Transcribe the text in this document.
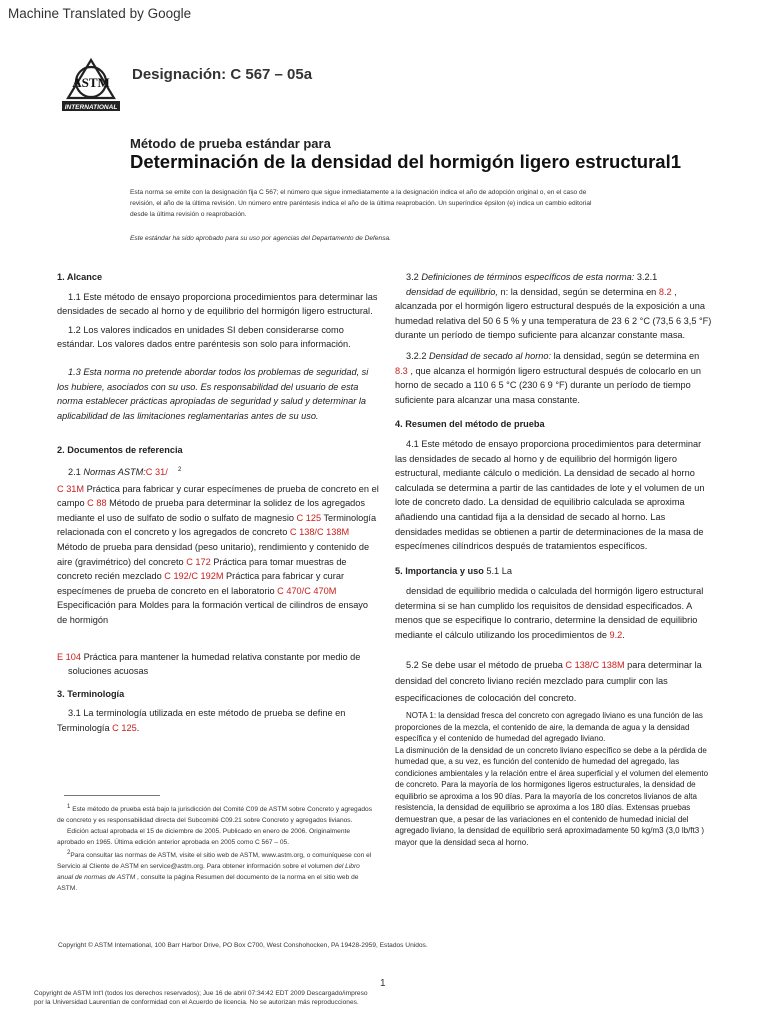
Machine Translated by Google
ASTM
INTERNATIONAL
Designación: C 567 – 05a
Método de prueba estándar para
Determinación de la densidad del hormigón ligero estructural1
Esta norma se emite con la designación fija C 567; el número que sigue inmediatamente a la designación indica el año de adopción original o, en el caso de
revisión, el año de la última revisión. Un número entre paréntesis indica el año de la última reaprobación. Un superíndice épsilon (e) indica un cambio editorial
desde la última revisión o reaprobación.
Este estándar ha sido aprobado para su uso por agencias del Departamento de Defensa.

1. Alcance

1.1 Este método de ensayo proporciona procedimientos para determinar las densidades de secado al horno y de equilibrio del hormigón ligero estructural.

1.2 Los valores indicados en unidades SI deben considerarse como estándar. Los valores dados entre paréntesis son solo para información.

1.3 Esta norma no pretende abordar todos los problemas de seguridad, si los hubiere, asociados con su uso. Es responsabilidad del usuario de esta norma establecer prácticas apropiadas de seguridad y salud y determinar la aplicabilidad de las limitaciones reglamentarias antes de su uso.

2. Documentos de referencia

2.1 Normas ASTM:C 31/ $^2$

C 31M Práctica para fabricar y curar especímenes de prueba de concreto en el campo C 88 Método de prueba para determinar la solidez de los agregados mediante el uso de sulfato de sodio o sulfato de magnesio C 125 Terminología relacionada con el concreto y los agregados de concreto C 138/C 138M Método de prueba para densidad (peso unitario), rendimiento y contenido de aire (gravimétrico) del concreto C 172 Práctica para tomar muestras de concreto recién mezclado C 192/C 192M Práctica para fabricar y curar especímenes de prueba de concreto en el laboratorio C 470/C 470M Especificación para Moldes para la formación vertical de cilindros de ensayo de hormigón

E 104 Práctica para mantener la humedad relativa constante por medio de soluciones acuosas

3. Terminología

3.1 La terminología utilizada en este método de prueba se define en Terminología C 125.

1 Este método de prueba está bajo la jurisdicción del Comité C09 de ASTM sobre Concreto y agregados de concreto y es responsabilidad directa del Subcomité C09.21 sobre Concreto y agregados livianos.

Edición actual aprobada el 15 de diciembre de 2005. Publicado en enero de 2006. Originalmente aprobado en 1965. Última edición anterior aprobada en 2005 como C 567 – 05.

2Para consultar las normas de ASTM, visite el sitio web de ASTM, www.astm.org, o comuníquese con el Servicio al Cliente de ASTM en service@astm.org. Para obtener información sobre el volumen del Libro anual de normas de ASTM , consulte la página Resumen del documento de la norma en el sitio web de ASTM.

3.2 Definiciones de términos específicos de esta norma: 3.2.1

densidad de equilibrio, n: la densidad, según se determina en 8.2 , alcanzada por el hormigón ligero estructural después de la exposición a una humedad relativa del 50 6 5 % y una temperatura de 23 6 2 °C (73,5 6 3,5 °F) durante un período de tiempo suficiente para alcanzar constante masa.

3.2.2 Densidad de secado al horno: la densidad, según se determina en 8.3 , que alcanza el hormigón ligero estructural después de colocarlo en un horno de secado a 110 6 5 °C (230 6 9 °F) durante un período de tiempo suficiente para alcanzar una masa constante.

4. Resumen del método de prueba

4.1 Este método de ensayo proporciona procedimientos para determinar las densidades de secado al horno y de equilibrio del hormigón ligero estructural, mediante cálculo o medición. La densidad de secado al horno calculada se determina a partir de las cantidades de lote y el volumen de un lote de concreto dado. La densidad de equilibrio calculada se aproxima añadiendo una cantidad fija a la densidad de secado al horno. Las densidades medidas se obtienen a partir de determinaciones de la masa de especímenes cilíndricos después de tratamientos específicos.

5. Importancia y uso 5.1 La

densidad de equilibrio medida o calculada del hormigón ligero estructural determina si se han cumplido los requisitos de densidad especificados. A menos que se especifique lo contrario, determine la densidad de equilibrio mediante el cálculo utilizando los procedimientos de 9.2.

5.2 Se debe usar el método de prueba C 138/C 138M para determinar la densidad del concreto liviano recién mezclado para cumplir con las especificaciones de colocación del concreto.

NOTA 1: la densidad fresca del concreto con agregado liviano es una función de las proporciones de la mezcla, el contenido de aire, la demanda de agua y la densidad específica y el contenido de humedad del agregado liviano.

La disminución de la densidad de un concreto liviano específico se debe a la pérdida de humedad que, a su vez, es función del contenido de humedad del agregado, las condiciones ambientales y la relación entre el área superficial y el volumen del elemento de concreto. Para la mayoría de los hormigones ligeros estructurales, la densidad de equilibrio se aproxima a los 90 días. Para la mayoría de los concretos livianos de alta resistencia, la densidad de equilibrio se aproxima a los 180 días. Extensas pruebas demuestran que, a pesar de las variaciones en el contenido de humedad inicial del agregado liviano, la densidad de equilibrio será aproximadamente 50 kg/m3 (3,0 lb/ft3 ) mayor que la densidad seca al horno.

Copyright © ASTM International, 100 Barr Harbor Drive, PO Box C700, West Conshohocken, PA 19428-2959, Estados Unidos.
1
Copyright de ASTM Int'l (todos los derechos reservados); Jue 16 de abril 07:34:42 EDT 2009 Descargado/impreso por la Universidad Laurentian de conformidad con el Acuerdo de licencia. No se autorizan más reproducciones.
